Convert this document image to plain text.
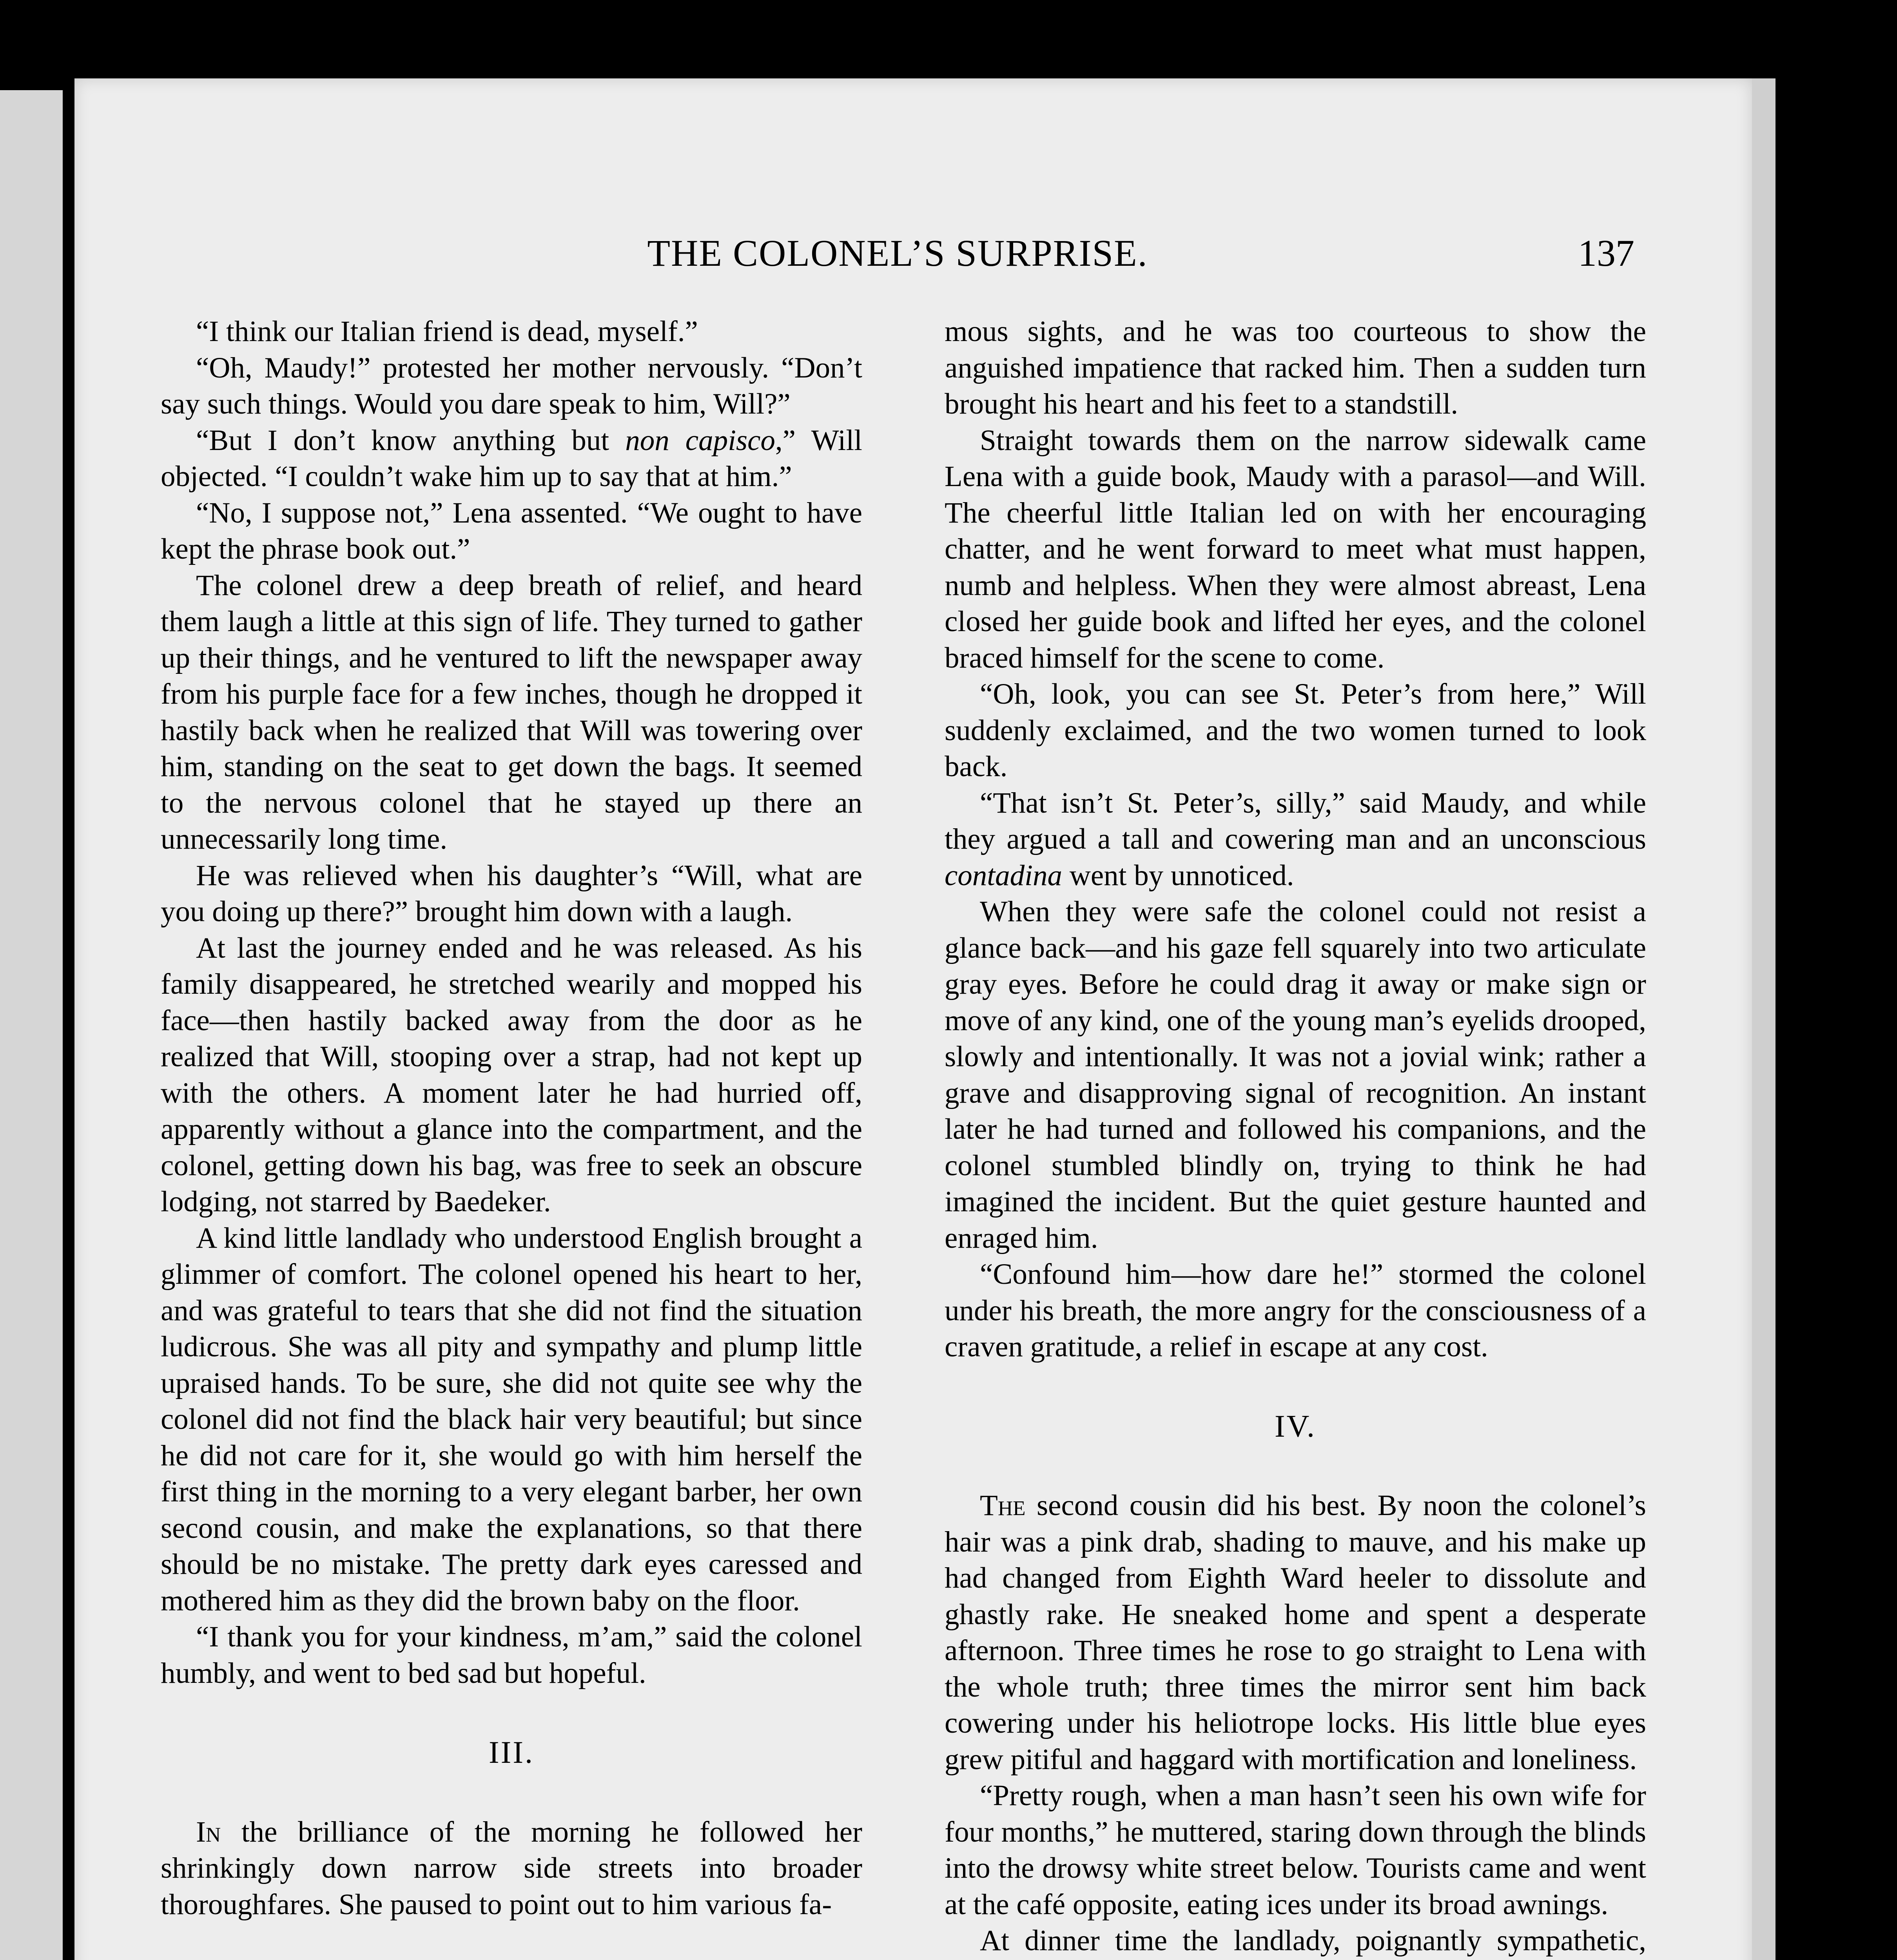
THE COLONEL’S SURPRISE.	137

“I think our Italian friend is dead, myself.”

“Oh, Maudy!” protested her mother nervously. “Don’t say such things. Would you dare speak to him, Will?”

“But I don’t know anything but non capisco,” Will objected. “I couldn’t wake him up to say that at him.”

“No, I suppose not,” Lena assented. “We ought to have kept the phrase book out.”

The colonel drew a deep breath of relief, and heard them laugh a little at this sign of life. They turned to gather up their things, and he ventured to lift the newspaper away from his purple face for a few inches, though he dropped it hastily back when he realized that Will was towering over him, standing on the seat to get down the bags. It seemed to the nervous colonel that he stayed up there an unnecessarily long time.

He was relieved when his daughter’s “Will, what are you doing up there?” brought him down with a laugh.

At last the journey ended and he was released. As his family disappeared, he stretched wearily and mopped his face—then hastily backed away from the door as he realized that Will, stooping over a strap, had not kept up with the others. A moment later he had hurried off, apparently without a glance into the compartment, and the colonel, getting down his bag, was free to seek an obscure lodging, not starred by Baedeker.

A kind little landlady who understood English brought a glimmer of comfort. The colonel opened his heart to her, and was grateful to tears that she did not find the situation ludicrous. She was all pity and sympathy and plump little upraised hands. To be sure, she did not quite see why the colonel did not find the black hair very beautiful; but since he did not care for it, she would go with him herself the first thing in the morning to a very elegant barber, her own second cousin, and make the explanations, so that there should be no mistake. The pretty dark eyes caressed and mothered him as they did the brown baby on the floor.

“I thank you for your kindness, m’am,” said the colonel humbly, and went to bed sad but hopeful.

III.

In the brilliance of the morning he followed her shrinkingly down narrow side streets into broader thoroughfares. She paused to point out to him various fa-

mous sights, and he was too courteous to show the anguished impatience that racked him. Then a sudden turn brought his heart and his feet to a standstill.

Straight towards them on the narrow sidewalk came Lena with a guide book, Maudy with a parasol—and Will. The cheerful little Italian led on with her encouraging chatter, and he went forward to meet what must happen, numb and helpless. When they were almost abreast, Lena closed her guide book and lifted her eyes, and the colonel braced himself for the scene to come.

“Oh, look, you can see St. Peter’s from here,” Will suddenly exclaimed, and the two women turned to look back.

“That isn’t St. Peter’s, silly,” said Maudy, and while they argued a tall and cowering man and an unconscious contadina went by unnoticed.

When they were safe the colonel could not resist a glance back—and his gaze fell squarely into two articulate gray eyes. Before he could drag it away or make sign or move of any kind, one of the young man’s eyelids drooped, slowly and intentionally. It was not a jovial wink; rather a grave and disapproving signal of recognition. An instant later he had turned and followed his companions, and the colonel stumbled blindly on, trying to think he had imagined the incident. But the quiet gesture haunted and enraged him.

“Confound him—how dare he!” stormed the colonel under his breath, the more angry for the consciousness of a craven gratitude, a relief in escape at any cost.

IV.

The second cousin did his best. By noon the colonel’s hair was a pink drab, shading to mauve, and his make up had changed from Eighth Ward heeler to dissolute and ghastly rake. He sneaked home and spent a desperate afternoon. Three times he rose to go straight to Lena with the whole truth; three times the mirror sent him back cowering under his heliotrope locks. His little blue eyes grew pitiful and haggard with mortification and loneliness.

“Pretty rough, when a man hasn’t seen his own wife for four months,” he muttered, staring down through the blinds into the drowsy white street below. Tourists came and went at the café opposite, eating ices under its broad awnings.

At dinner time the landlady, poignantly sympathetic,
